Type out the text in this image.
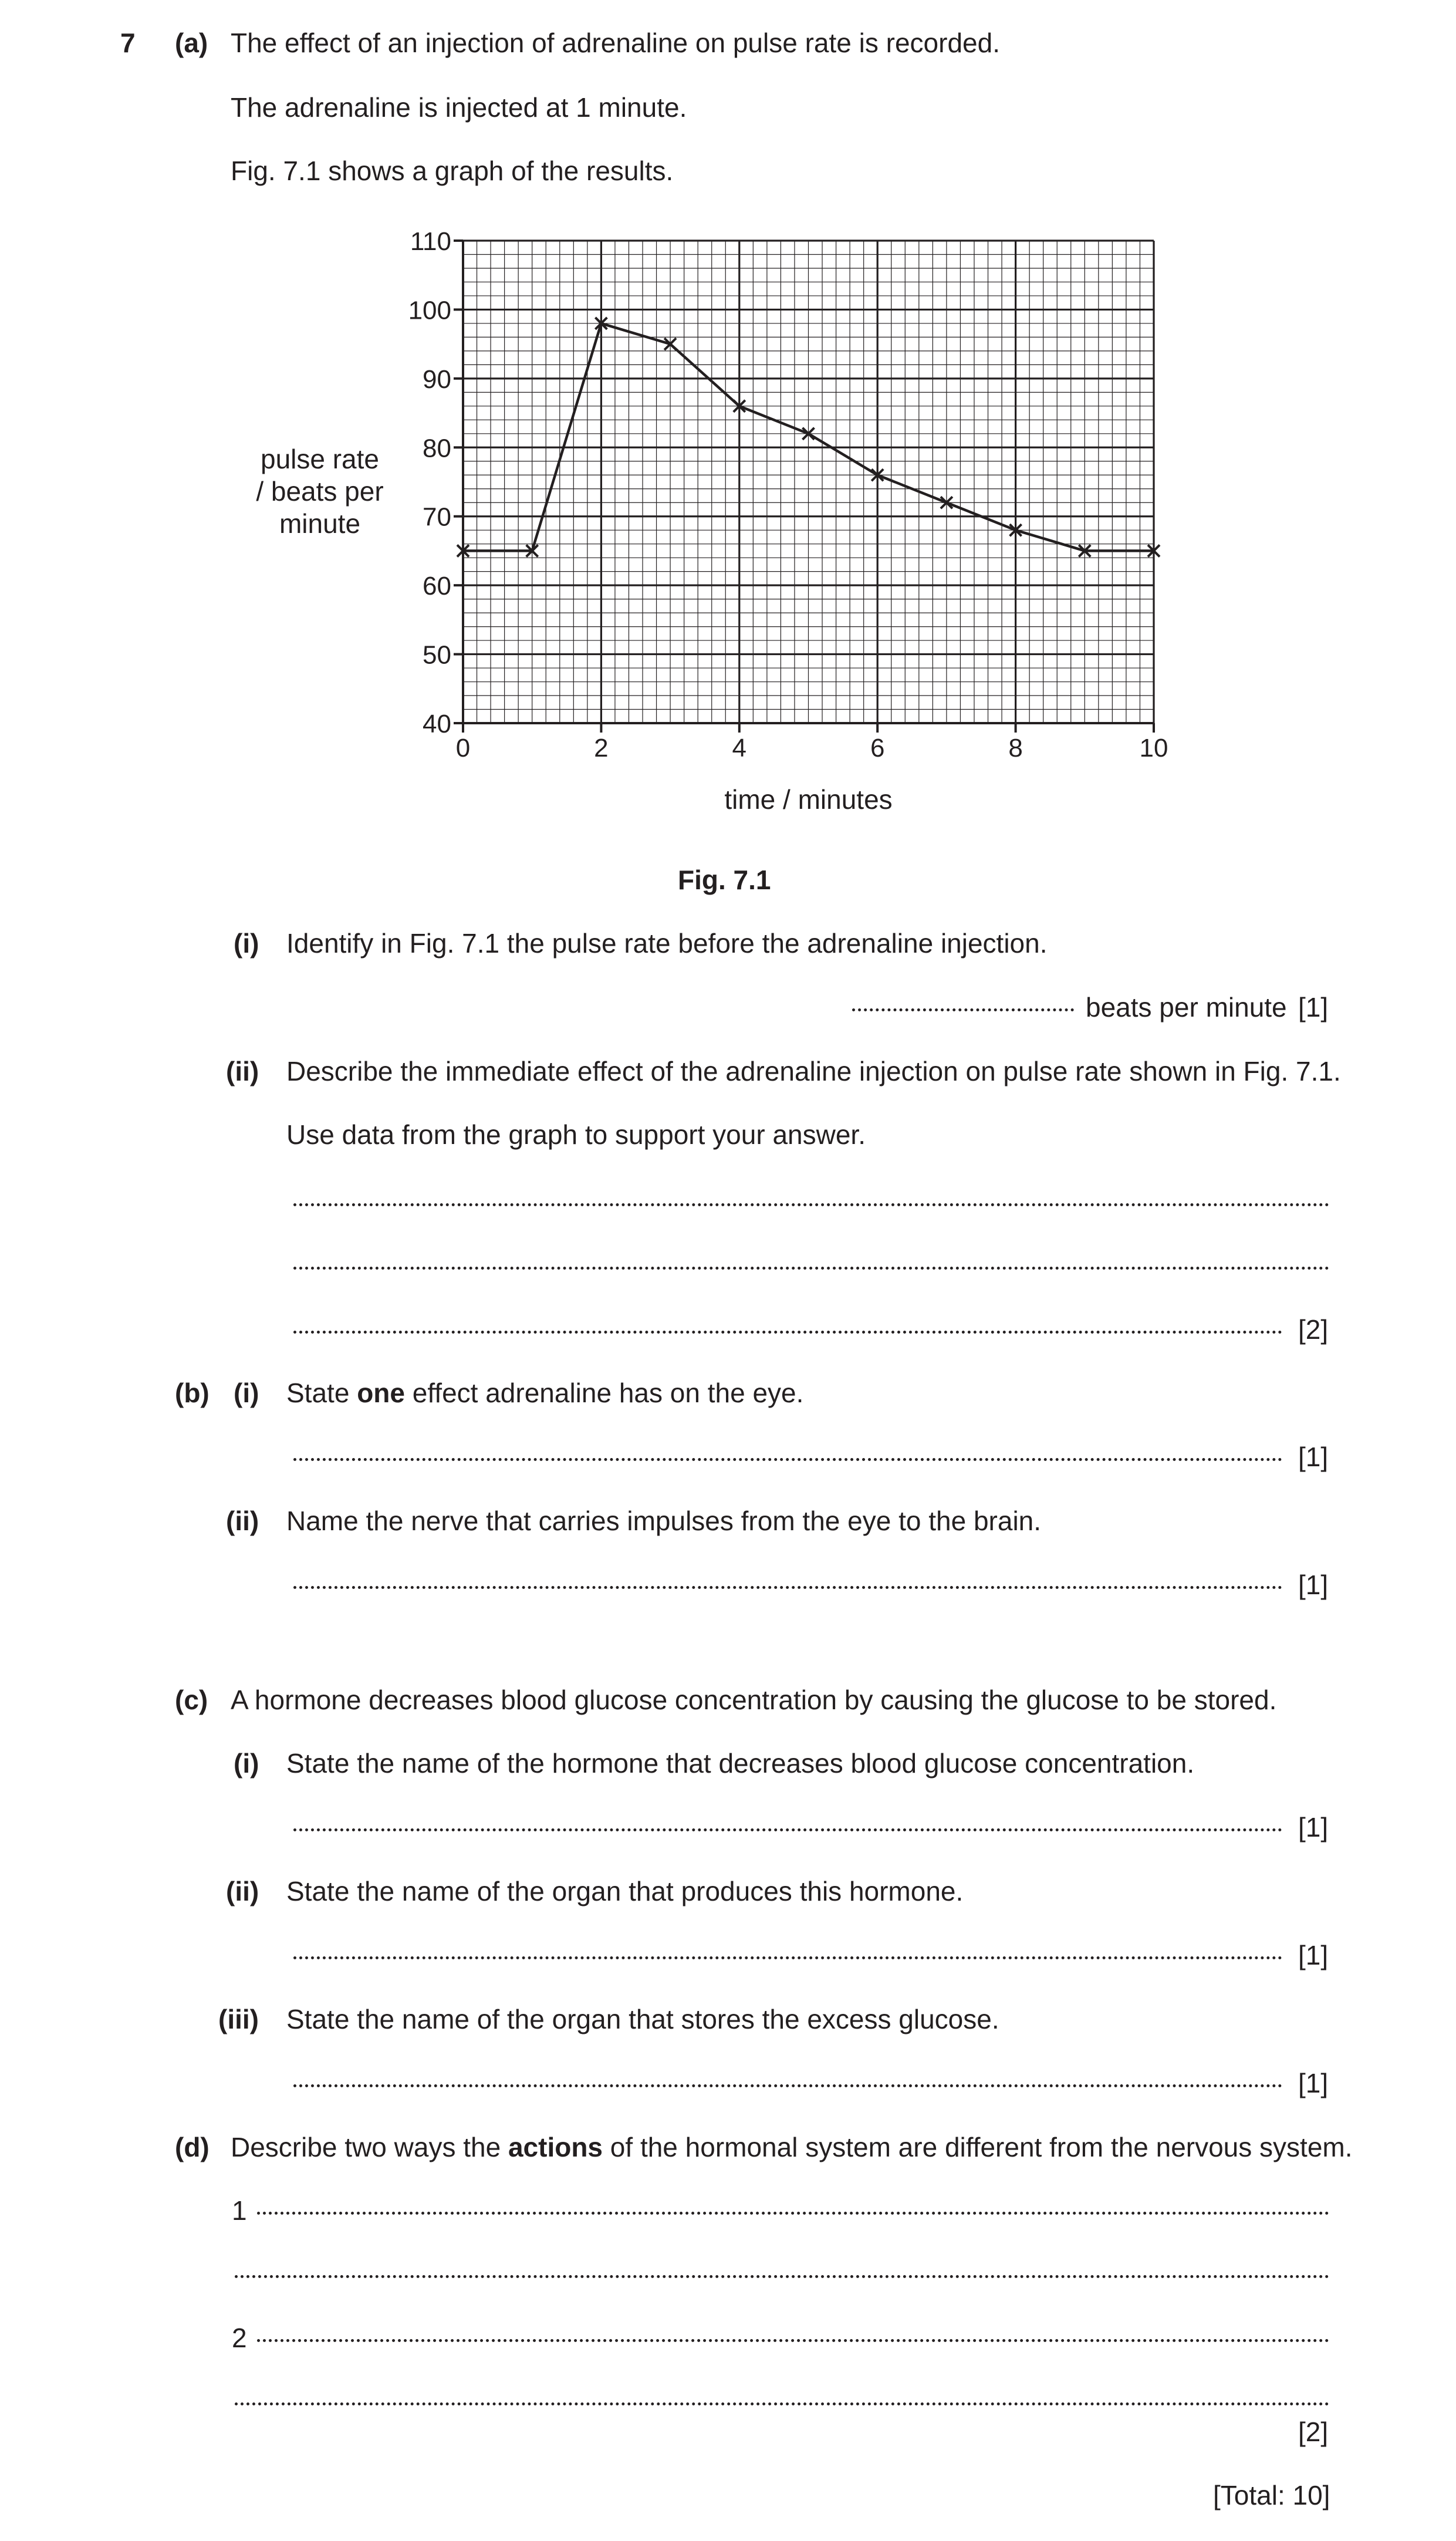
7 (a) The effect of an injection of adrenaline on pulse rate is recorded.
The adrenaline is injected at 1 minute.
Fig. 7.1 shows a graph of the results.
40
50
60
70
80
90
100
110
0	2	4	6	8	10
time / minutes
pulse rate
/ beats per
minute
Fig. 7.1
(i) Identify in Fig. 7.1 the pulse rate before the adrenaline injection.
beats per minute [1]
(ii) Describe the immediate effect of the adrenaline injection on pulse rate shown in Fig. 7.1.
Use data from the graph to support your answer.
[2]
(b) (i) State one effect adrenaline has on the eye.
[1]
(ii) Name the nerve that carries impulses from the eye to the brain.
[1]
(c) A hormone decreases blood glucose concentration by causing the glucose to be stored.
(i) State the name of the hormone that decreases blood glucose concentration.
[1]
(ii) State the name of the organ that produces this hormone.
[1]
(iii) State the name of the organ that stores the excess glucose.
[1]
(d) Describe two ways the actions of the hormonal system are different from the nervous system.
1
2
[2]
[Total: 10]
